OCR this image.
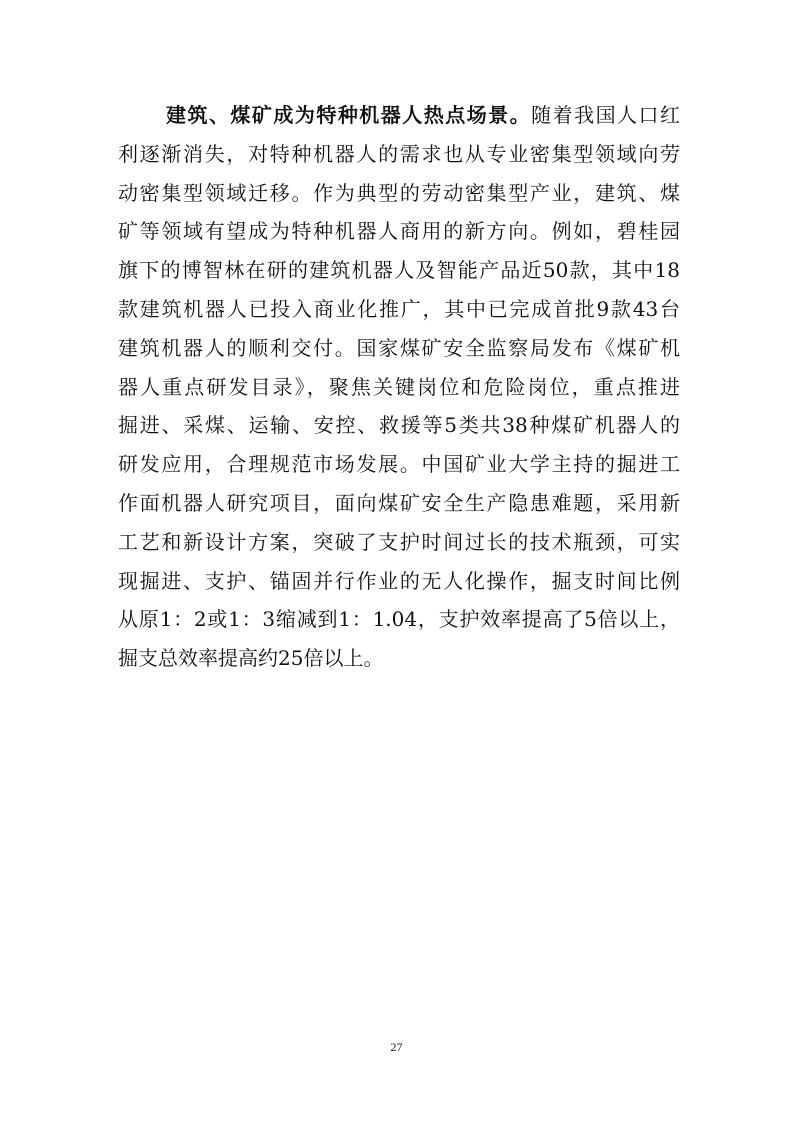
建筑、煤矿成为特种机器人热点场景。随着我国人口红
利逐渐消失，对特种机器人的需求也从专业密集型领域向劳
动密集型领域迁移。作为典型的劳动密集型产业，建筑、煤
矿等领域有望成为特种机器人商用的新方向。例如，碧桂园
旗下的博智林在研的建筑机器人及智能产品近50款，其中18
款建筑机器人已投入商业化推广，其中已完成首批9款43台
建筑机器人的顺利交付。国家煤矿安全监察局发布《煤矿机
器人重点研发目录》，聚焦关键岗位和危险岗位，重点推进
掘进、采煤、运输、安控、救援等5类共38种煤矿机器人的
研发应用，合理规范市场发展。中国矿业大学主持的掘进工
作面机器人研究项目，面向煤矿安全生产隐患难题，采用新
工艺和新设计方案，突破了支护时间过长的技术瓶颈，可实
现掘进、支护、锚固并行作业的无人化操作，掘支时间比例
从原1：2或1：3缩减到1：1.04，支护效率提高了5倍以上，
掘支总效率提高约25倍以上。
27
